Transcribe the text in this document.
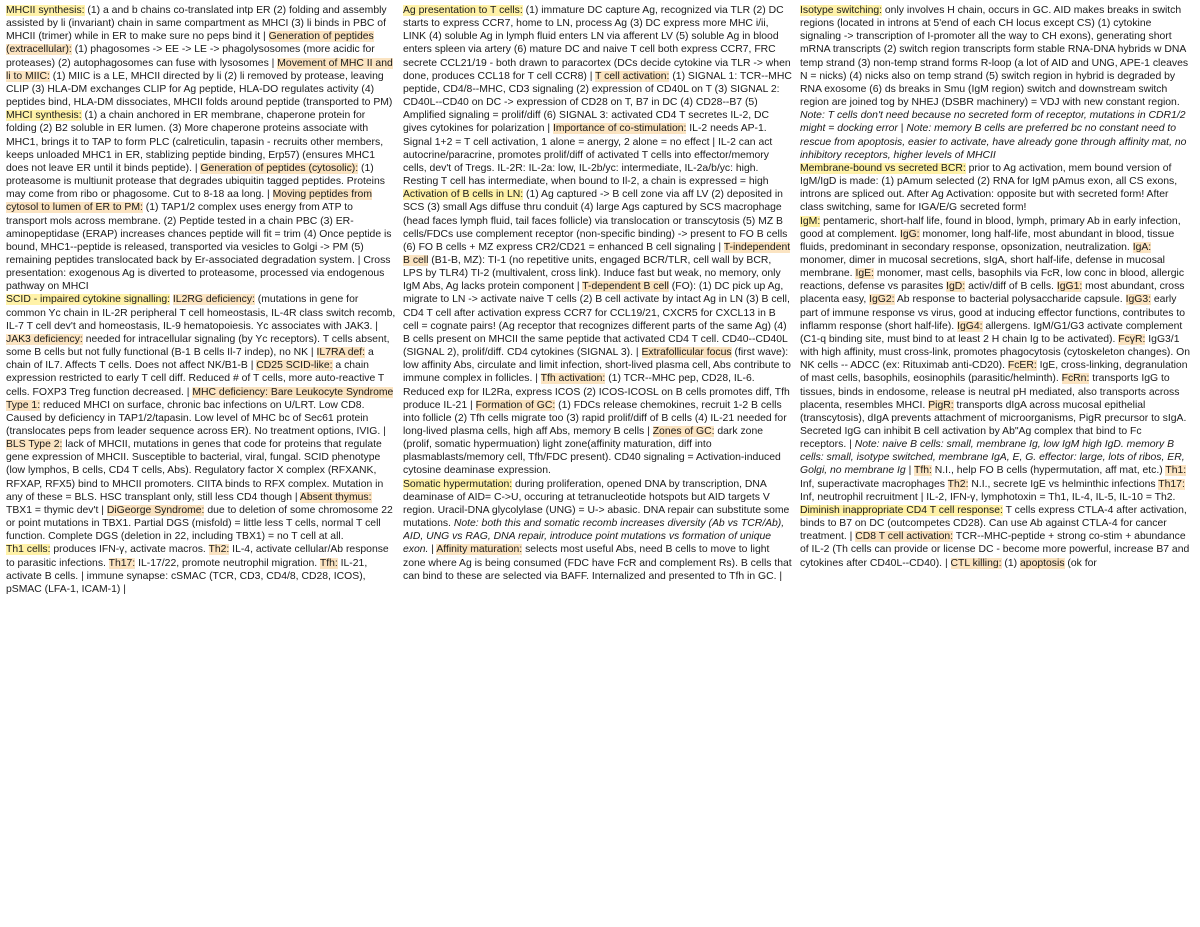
MHCII synthesis: (1) a and b chains co-translated intp ER (2) folding and assembly assisted by li (invariant) chain in same compartment as MHCI (3) li binds in PBC of MHCII (trimer) while in ER to make sure no peps bind it | Generation of peptides (extracellular): (1) phagosomes -> EE -> LE -> phagolysosomes (more acidic for proteases) (2) autophagosomes can fuse with lysosomes | Movement of MHC II and li to MIIC: (1) MIIC is a LE, MHCII directed by li (2) li removed by protease, leaving CLIP (3) HLA-DM exchanges CLIP for Ag peptide, HLA-DO regulates activity (4) peptides bind, HLA-DM dissociates, MHCII folds around peptide (transported to PM)

MHCI synthesis: (1) a chain anchored in ER membrane, chaperone protein for folding (2) B2 soluble in ER lumen. (3) More chaperone proteins associate with MHC1, brings it to TAP to form PLC (calreticulin, tapasin - recruits other members, keeps unloaded MHC1 in ER, stablizing peptide binding, Erp57) (ensures MHC1 does not leave ER until it binds peptide). | Generation of peptides (cytosolic): (1) proteasome is multiunit protease that degrades ubiquitin tagged peptides. Proteins may come from ribo or phagosome. Cut to 8-18 aa long. | Moving peptides from cytosol to lumen of ER to PM: (1) TAP1/2 complex uses energy from ATP to transport mols across membrane. (2) Peptide tested in a chain PBC (3) ER-aminopeptidase (ERAP) increases chances peptide will fit = trim (4) Once peptide is bound, MHC1--peptide is released, transported via vesicles to Golgi -> PM (5) remaining peptides translocated back by Er-associated degradation system. | Cross presentation: exogenous Ag is diverted to proteasome, processed via endogenous pathway on MHCI

SCID - impaired cytokine signalling: IL2RG deficiency: (mutations in gene for common Yc chain in IL-2R peripheral T cell homeostasis, IL-4R class switch recomb, IL-7 T cell dev't and homeostasis, IL-9 hematopoiesis. Yc associates with JAK3. | JAK3 deficiency: needed for intracellular signaling (by Yc receptors). T cells absent, some B cells but not fully functional (B-1 B cells Il-7 indep), no NK | IL7RA def: a chain of IL7. Affects T cells. Does not affect NK/B1-B | CD25 SCID-like: a chain expression restricted to early T cell diff. Reduced # of T cells, more auto-reactive T cells. FOXP3 Treg function decreased. | MHC deficiency: Bare Leukocyte Syndrome Type 1: reduced MHCI on surface, chronic bac infections on U/LRT. Low CD8. Caused by deficiency in TAP1/2/tapasin. Low level of MHC bc of Sec61 protein (translocates peps from leader sequence across ER). No treatment options, IVIG. | BLS Type 2: lack of MHCII, mutations in genes that code for proteins that regulate gene expression of MHCII. Susceptible to bacterial, viral, fungal. SCID phenotype (low lymphos, B cells, CD4 T cells, Abs). Regulatory factor X complex (RFXANK, RFXAP, RFX5) bind to MHCII promoters. CIITA binds to RFX complex. Mutation in any of these = BLS. HSC transplant only, still less CD4 though | Absent thymus: TBX1 = thymic dev't | DiGeorge Syndrome: due to deletion of some chromosome 22 or point mutations in TBX1. Partial DGS (misfold) = little less T cells, normal T cell function. Complete DGS (deletion in 22, including TBX1) = no T cell at all.

Th1 cells: produces IFN-γ, activate macros. Th2: IL-4, activate cellular/Ab response to parasitic infections. Th17: IL-17/22, promote neutrophil migration. Tfh: IL-21, activate B cells. | immune synapse: cSMAC (TCR, CD3, CD4/8, CD28, ICOS), pSMAC (LFA-1, ICAM-1) |

Ag presentation to T cells: (1) immature DC capture Ag, recognized via TLR (2) DC starts to express CCR7, home to LN, process Ag (3) DC express more MHC i/ii, LINK (4) soluble Ag in lymph fluid enters LN via afferent LV (5) soluble Ag in blood enters spleen via artery (6) mature DC and naive T cell both express CCR7, FRC secrete CCL21/19 - both drawn to paracortex (DCs decide cytokine via TLR -> when done, produces CCL18 for T cell CCR8) | T cell activation: (1) SIGNAL 1: TCR--MHC peptide, CD4/8--MHC, CD3 signaling (2) expression of CD40L on T (3) SIGNAL 2: CD40L--CD40 on DC -> expression of CD28 on T, B7 in DC (4) CD28--B7 (5) Amplified signaling = prolif/diff (6) SIGNAL 3: activated CD4 T secretes IL-2, DC gives cytokines for polarization | Importance of co-stimulation: IL-2 needs AP-1. Signal 1+2 = T cell activation, 1 alone = anergy, 2 alone = no effect | IL-2 can act autocrine/paracrine, promotes prolif/diff of activated T cells into effector/memory cells, dev't of Tregs. IL-2R: IL-2a: low, IL-2b/yc: intermediate, IL-2a/b/yc: high. Resting T cell has intermediate, when bound to Il-2, a chain is expressed = high

Activation of B cells in LN: (1) Ag captured -> B cell zone via aff LV (2) deposited in SCS (3) small Ags diffuse thru conduit (4) large Ags captured by SCS macrophage (head faces lymph fluid, tail faces follicle) via translocation or transcytosis (5) MZ B cells/FDCs use complement receptor (non-specific binding) -> present to FO B cells (6) FO B cells + MZ express CR2/CD21 = enhanced B cell signaling | T-independent B cell (B1-B, MZ): TI-1 (no repetitive units, engaged BCR/TLR, cell wall by BCR, LPS by TLR4) TI-2 (multivalent, cross link). Induce fast but weak, no memory, only IgM Abs, Ag lacks protein component | T-dependent B cell (FO): (1) DC pick up Ag, migrate to LN -> activate naive T cells (2) B cell activate by intact Ag in LN (3) B cell, CD4 T cell after activation express CCR7 for CCL19/21, CXCR5 for CXCL13 in B cell = cognate pairs! (Ag receptor that recognizes different parts of the same Ag) (4) B cells present on MHCII the same peptide that activated CD4 T cell. CD40--CD40L (SIGNAL 2), prolif/diff. CD4 cytokines (SIGNAL 3). | Extrafollicular focus (first wave): low affinity Abs, circulate and limit infection, short-lived plasma cell, Abs contribute to immune complex in follicles. | Tfh activation: (1) TCR--MHC pep, CD28, IL-6. Reduced exp for IL2Ra, express ICOS (2) ICOS-ICOSL on B cells promotes diff, Tfh produce IL-21 | Formation of GC: (1) FDCs release chemokines, recruit 1-2 B cells into follicle (2) Tfh cells migrate too (3) rapid prolif/diff of B cells (4) IL-21 needed for long-lived plasma cells, high aff Abs, memory B cells | Zones of GC: dark zone (prolif, somatic hypermuation) light zone(affinity maturation, diff into plasmablasts/memory cell, Tfh/FDC present). CD40 signaling = Activation-induced cytosine deaminase expression.

Somatic hypermutation: during proliferation, opened DNA by transcription, DNA deaminase of AID= C->U, occuring at tetranucleotide hotspots but AID targets V region. Uracil-DNA glycolylase (UNG) = U-> abasic. DNA repair can substitute some mutations. Note: both this and somatic recomb increases diversity (Ab vs TCR/Ab), AID, UNG vs RAG, DNA repair, introduce point mutations vs formation of unique exon. | Affinity maturation: selects most useful Abs, need B cells to move to light zone where Ag is being consumed (FDC have FcR and complement Rs). B cells that can bind to these are selected via BAFF. Internalized and presented to Tfh in GC. |

Isotype switching: only involves H chain, occurs in GC. AID makes breaks in switch regions (located in introns at 5'end of each CH locus except CS) (1) cytokine signaling -> transcription of I-promoter all the way to CH exons), generating short mRNA transcripts (2) switch region transcripts form stable RNA-DNA hybrids w DNA temp strand (3) non-temp strand forms R-loop (a lot of AID and UNG, APE-1 cleaves N = nicks) (4) nicks also on temp strand (5) switch region in hybrid is degraded by RNA exosome (6) ds breaks in Smu (IgM region) switch and downstream switch region are joined tog by NHEJ (DSBR machinery) = VDJ with new constant region. Note: T cells don't need because no secreted form of receptor, mutations in CDR1/2 might = docking error | Note: memory B cells are preferred bc no constant need to rescue from apoptosis, easier to activate, have already gone through affinity mat, no inhibitory receptors, higher levels of MHCII

Membrane-bound vs secreted BCR: prior to Ag activation, mem bound version of IgM/IgD is made: (1) pAmum selected (2) RNA for IgM pAmus exon, all CS exons, introns are spliced out. After Ag Activation: opposite but with secreted form! After class switching, same for IGA/E/G secreted form!

IgM: pentameric, short-half life, found in blood, lymph, primary Ab in early infection, good at complement. IgG: monomer, long half-life, most abundant in blood, tissue fluids, predominant in secondary response, opsonization, neutralization. IgA: monomer, dimer in mucosal secretions, sIgA, short half-life, defense in mucosal membrane. IgE: monomer, mast cells, basophils via FcR, low conc in blood, allergic reactions, defense vs parasites IgD: activ/diff of B cells. IgG1: most abundant, cross placenta easy, IgG2: Ab response to bacterial polysaccharide capsule. IgG3: early part of immune response vs virus, good at inducing effector functions, contributes to inflamm response (short half-life). IgG4: allergens. IgM/G1/G3 activate complement (C1-q binding site, must bind to at least 2 H chain Ig to be activated). FcγR: IgG3/1 with high affinity, must cross-link, promotes phagocytosis (cytoskeleton changes). On NK cells -- ADCC (ex: Rituximab anti-CD20). FcER: IgE, cross-linking, degranulation of mast cells, basophils, eosinophils (parasitic/helminth). FcRn: transports IgG to tissues, binds in endosome, release is neutral pH mediated, also transports across placenta, resembles MHCI. PigR: transports dIgA across mucosal epithelial (transcytosis), dIgA prevents attachment of microorganisms, PigR precursor to sIgA. Secreted IgG can inhibit B cell activation by Ab"Ag complex that bind to Fc receptors. | Note: naive B cells: small, membrane Ig, low IgM high IgD. memory B cells: small, isotype switched, membrane IgA, E, G. effector: large, lots of ribos, ER, Golgi, no membrane Ig | Tfh: N.I., help FO B cells (hypermutation, aff mat, etc.) Th1: Inf, superactivate macrophages Th2: N.I., secrete IgE vs helminthic infections Th17: Inf, neutrophil recruitment | IL-2, IFN-γ, lymphotoxin = Th1, IL-4, IL-5, IL-10 = Th2.

Diminish inappropriate CD4 T cell response: T cells express CTLA-4 after activation, binds to B7 on DC (outcompetes CD28). Can use Ab against CTLA-4 for cancer treatment. | CD8 T cell activation: TCR--MHC-peptide + strong co-stim + abundance of IL-2 (Th cells can provide or license DC - become more powerful, increase B7 and cytokines after CD40L--CD40). | CTL killing: (1) apoptosis (ok for
